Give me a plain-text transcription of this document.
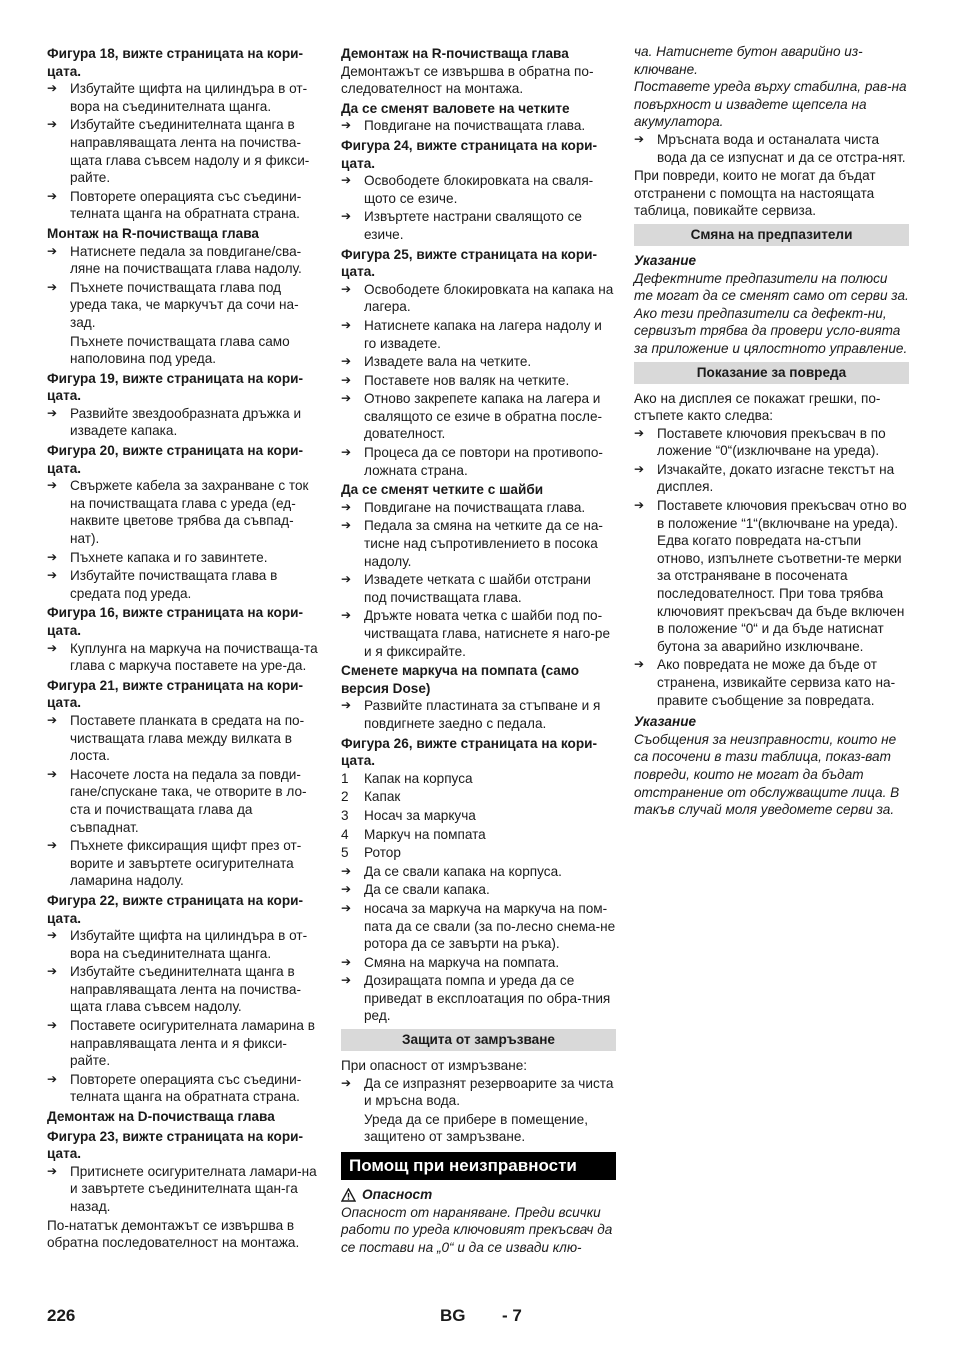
Фигура 18, вижте страницата на кори-цата.
➔ Избутайте щифта на цилиндъра в от-вора на съединителната щанга.
➔ Избутайте съединителната щанга в направляващата лента на почиства-щата глава съвсем надолу и я фикси-райте.
➔ Повторете операцията със съедини-телната щанга на обратната страна.
Монтаж на R-почистваща глава
➔ Натиснете педала за повдигане/сва-ляне на почистващата глава надолу.
➔ Пъхнете почистващата глава под уреда така, че маркучът да сочи на-зад.
Пъхнете почистващата глава само наполовина под уреда.
Фигура 19, вижте страницата на кори-цата.
➔ Развийте звездообразната дръжка и извадете капака.
Фигура 20, вижте страницата на кори-цата.
➔ Свържете кабела за захранване с ток на почистващата глава с уреда (ед-наквите цветове трябва да съвпад-нат).
➔ Пъхнете капака и го завинтете.
➔ Избутайте почистващата глава в средата под уреда.
Фигура 16, вижте страницата на кори-цата.
➔ Куплунга на маркуча на почистваща-та глава с маркуча поставете на уре-да.
Фигура 21, вижте страницата на кори-цата.
➔ Поставете планката в средата на по-чистващата глава между вилката в лоста.
➔ Насочете лоста на педала за повди-гане/спускане така, че отворите в ло-ста и почистващата глава да съвпаднат.
➔ Пъхнете фиксиращия щифт през от-ворите и завъртете осигурителната ламарина надолу.
Фигура 22, вижте страницата на кори-цата.
➔ Избутайте щифта на цилиндъра в от-вора на съединителната щанга.
➔ Избутайте съединителната щанга в направляващата лента на почиства-щата глава съвсем надолу.
➔ Поставете осигурителната ламарина в направляващата лента и я фикси-райте.
➔ Повторете операцията със съедини-телната щанга на обратната страна.
Демонтаж на D-почистваща глава
Фигура 23, вижте страницата на кори-цата.
➔ Притиснете осигурителната ламари-на и завъртете съединителната щан-га назад.
По-нататък демонтажът се извършва в обратна последователност на монтажа.
Демонтаж на R-почистваща глава
Демонтажът се извършва в обратна по-следователност на монтажа.
Да се сменят валовете на четките
➔ Повдигане на почистващата глава.
Фигура 24, вижте страницата на кори-цата.
➔ Освободете блокировката на сваля-щото се езиче.
➔ Извъртете настрани свалящото се езиче.
Фигура 25, вижте страницата на кори-цата.
➔ Освободете блокировката на капака на лагера.
➔ Натиснете капака на лагера надолу и го извадете.
➔ Извадете вала на четките.
➔ Поставете нов валяк на четките.
➔ Отново закрепете капака на лагера и свалящото се езиче в обратна после-дователност.
➔ Процеса да се повтори на противопо-ложната страна.
Да се сменят четките с шайби
➔ Повдигане на почистващата глава.
➔ Педала за смяна на четките да се на-тисне над съпротивлението в посока надолу.
➔ Извадете четката с шайби отстрани под почистващата глава.
➔ Дръжте новата четка с шайби под по-чистващата глава, натиснете я наго-ре и я фиксирайте.
Сменете маркуча на помпата (само версия Dose)
➔ Развийте пластината за стъпване и я повдигнете заедно с педала.
Фигура 26, вижте страницата на кори-цата.
1 Капак на корпуса
2 Капак
3 Носач за маркуча
4 Маркуч на помпата
5 Ротор
➔ Да се свали капака на корпуса.
➔ Да се свали капака.
➔ носача за маркуча на маркуча на пом-пата да се свали (за по-лесно снема-не ротора да се завърти на ръка).
➔ Смяна на маркуча на помпата.
➔ Дозиращата помпа и уреда да се приведат в експлоатация по обра-тния ред.
Защита от замръзване
При опасност от измръзване:
➔ Да се изпразнят резервоарите за чиста и мръсна вода.
Уреда да се прибере в помещение, защитено от замръзване.
Помощ при неизправности
Опасност
Опасност от нараняване. Преди всички работи по уреда ключовият прекъсвач да се постави на „0“ и да се извади клю-
ча. Натиснете бутон аварийно из-ключване.
Поставете уреда върху стабилна, рав-на повърхност и извадете щепсела на акумулатора.
➔ Мръсната вода и останалата чиста вода да се изпуснат и да се отстра-нят.
При повреди, които не могат да бъдат отстранени с помощта на настоящата таблица, повикайте сервиза.
Смяна на предпазители
Указание
Дефектните предпазители на полюси те могат да се сменят само от серви за. Ако тези предпазители са дефект-ни, сервизът трябва да провери усло-вията за приложение и цялостното управление.
Показание за повреда
Ако на дисплея се покажат грешки, по-стъпете както следва:
➔ Поставете ключовия прекъсвач в по ложение “0“(изключване на уреда).
➔ Изчакайте, докато изгасне текстът на дисплея.
➔ Поставете ключовия прекъсвач отно во в положение “1“(включване на уреда). Едва когато повредата на-стъпи отново, изпълнете съответни-те мерки за отстраняване в посочената последователност. При това трябва ключовият прекъсвач да бъде включен в положение “0“ и да бъде натиснат бутона за аварийно изключване.
➔ Ако повредата не може да бъде от странена, извикайте сервиза като на-правите съобщение за повредата.
Указание
Съобщения за неизправности, които не са посочени в тази таблица, показ-ват повреди, които не могат да бъдат отстранение от обслужващите лица. В такъв случай моля уведомете серви за.
226	BG - 7
